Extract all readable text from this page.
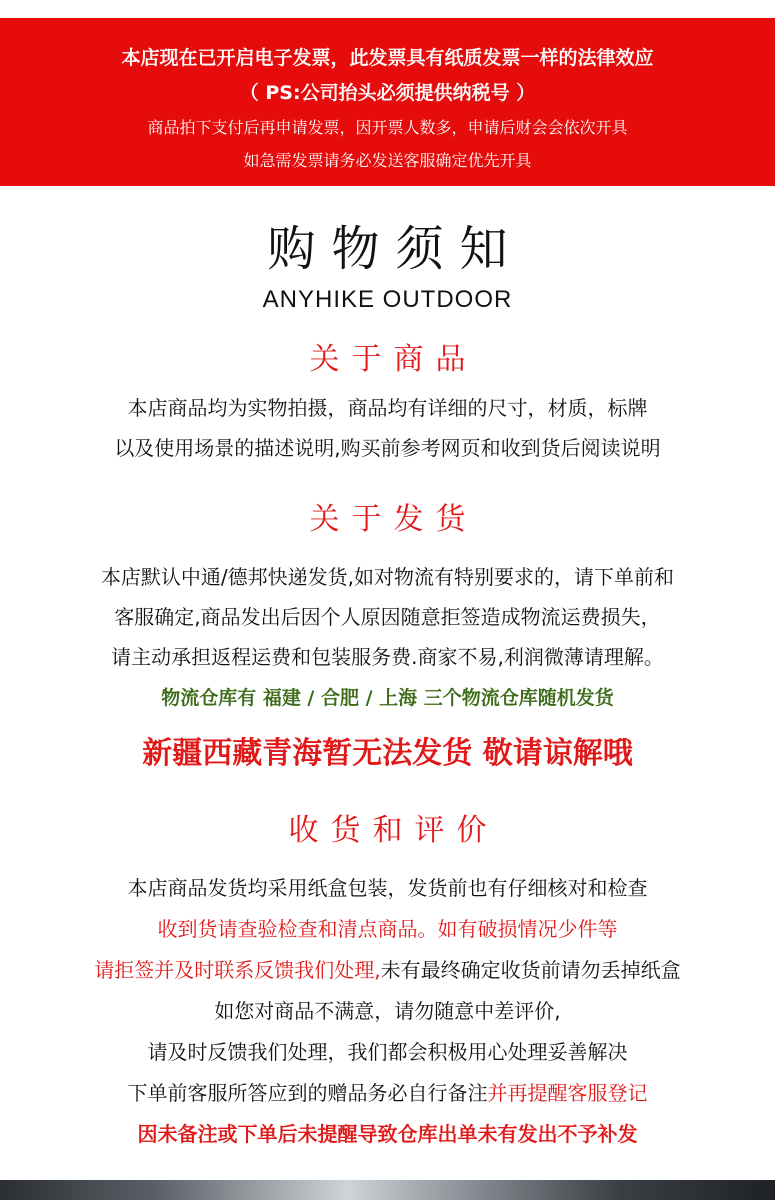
本店现在已开启电子发票，此发票具有纸质发票一样的法律效应
（ PS:公司抬头必须提供纳税号 ）
商品拍下支付后再申请发票，因开票人数多，申请后财会会依次开具
如急需发票请务必发送客服确定优先开具
购物须知
ANYHIKE OUTDOOR
关于商品
本店商品均为实物拍摄，商品均有详细的尺寸，材质，标牌
以及使用场景的描述说明,购买前参考网页和收到货后阅读说明
关于发货
本店默认中通/德邦快递发货,如对物流有特别要求的，请下单前和
客服确定,商品发出后因个人原因随意拒签造成物流运费损失，
请主动承担返程运费和包装服务费.商家不易,利润微薄请理解。
物流仓库有 福建 / 合肥 / 上海 三个物流仓库随机发货
新疆西藏青海暂无法发货 敬请谅解哦
收货和评价
本店商品发货均采用纸盒包装，发货前也有仔细核对和检查
收到货请查验检查和清点商品。如有破损情况少件等
请拒签并及时联系反馈我们处理,未有最终确定收货前请勿丢掉纸盒
如您对商品不满意，请勿随意中差评价,
请及时反馈我们处理，我们都会积极用心处理妥善解决
下单前客服所答应到的赠品务必自行备注并再提醒客服登记
因未备注或下单后未提醒导致仓库出单未有发出不予补发
